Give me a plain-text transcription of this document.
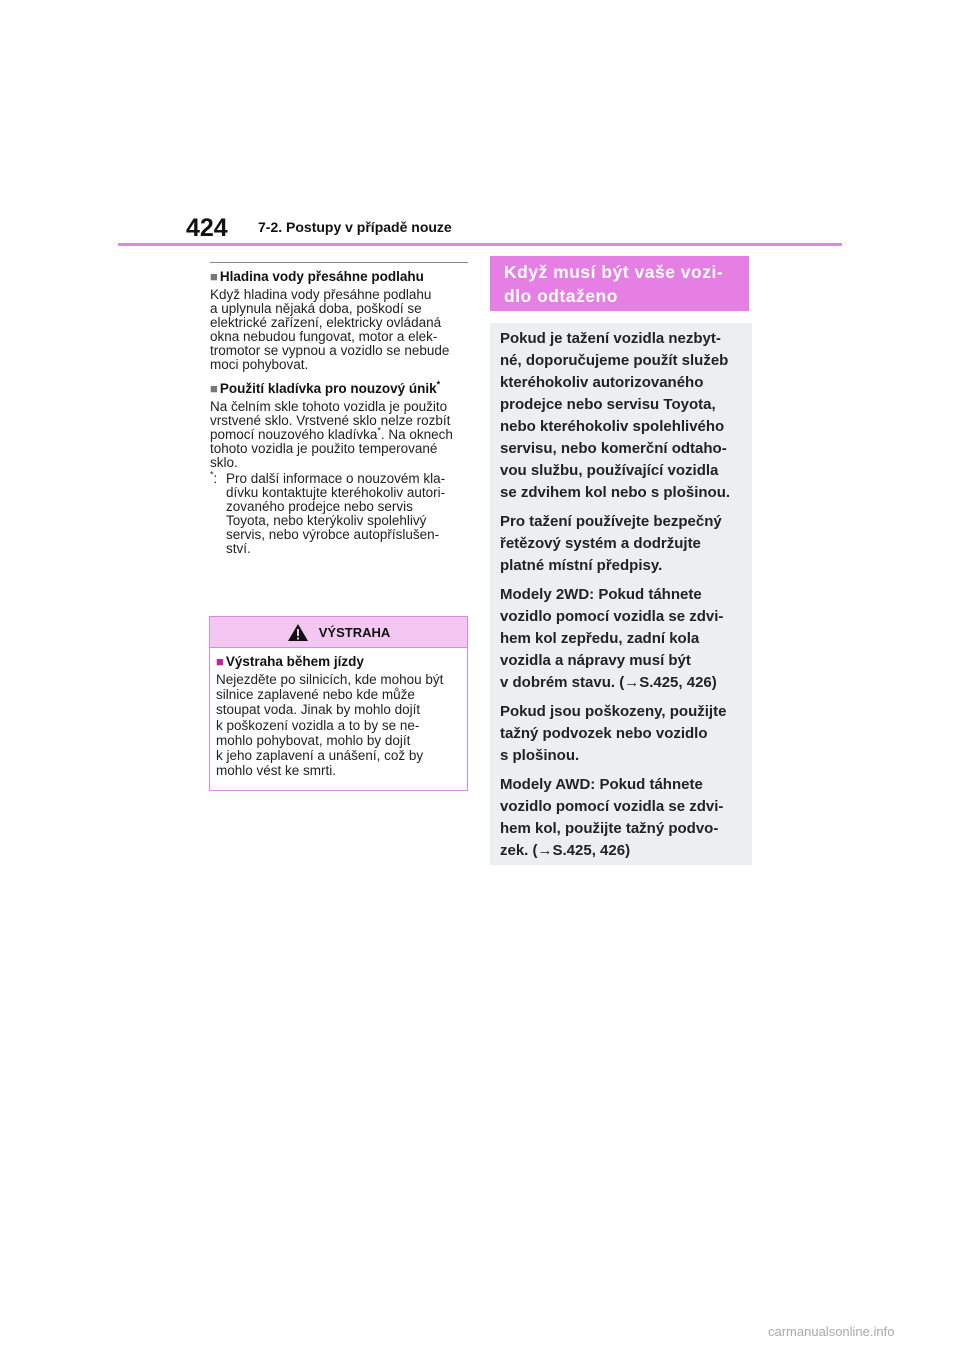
424 7-2. Postupy v případě nouze
■ Hladina vody přesáhne podlahu

Když hladina vody přesáhne podlahu
a uplynula nějaká doba, poškodí se
elektrické zařízení, elektricky ovládaná
okna nebudou fungovat, motor a elek-
tromotor se vypnou a vozidlo se nebude
moci pohybovat.

■ Použití kladívka pro nouzový únik*

Na čelním skle tohoto vozidla je použito
vrstvené sklo. Vrstvené sklo nelze rozbít
pomocí nouzového kladívka*. Na oknech
tohoto vozidla je použito temperované
sklo.

*: Pro další informace o nouzovém kla-
dívku kontaktujte kteréhokoliv autori-
zovaného prodejce nebo servis
Toyota, nebo kterýkoliv spolehlivý
servis, nebo výrobce autopříslušen-
ství.
VÝSTRAHA
■ Výstraha během jízdy

Nejezděte po silnicích, kde mohou být
silnice zaplavené nebo kde může
stoupat voda. Jinak by mohlo dojít
k poškození vozidla a to by se ne-
mohlo pohybovat, mohlo by dojít
k jeho zaplavení a unášení, což by
mohlo vést ke smrti.

Když musí být vaše vozi-
dlo odtaženo

Pokud je tažení vozidla nezbyt-
né, doporučujeme použít služeb
kteréhokoliv autorizovaného
prodejce nebo servisu Toyota,
nebo kteréhokoliv spolehlivého
servisu, nebo komerční odtaho-
vou službu, používající vozidla
se zdvihem kol nebo s plošinou.

Pro tažení používejte bezpečný
řetězový systém a dodržujte
platné místní předpisy.

Modely 2WD: Pokud táhnete
vozidlo pomocí vozidla se zdvi-
hem kol zepředu, zadní kola
vozidla a nápravy musí být
v dobrém stavu. (→S.425, 426)

Pokud jsou poškozeny, použijte
tažný podvozek nebo vozidlo
s plošinou.

Modely AWD: Pokud táhnete
vozidlo pomocí vozidla se zdvi-
hem kol, použijte tažný podvo-
zek. (→S.425, 426)

carmanualsonline.info
